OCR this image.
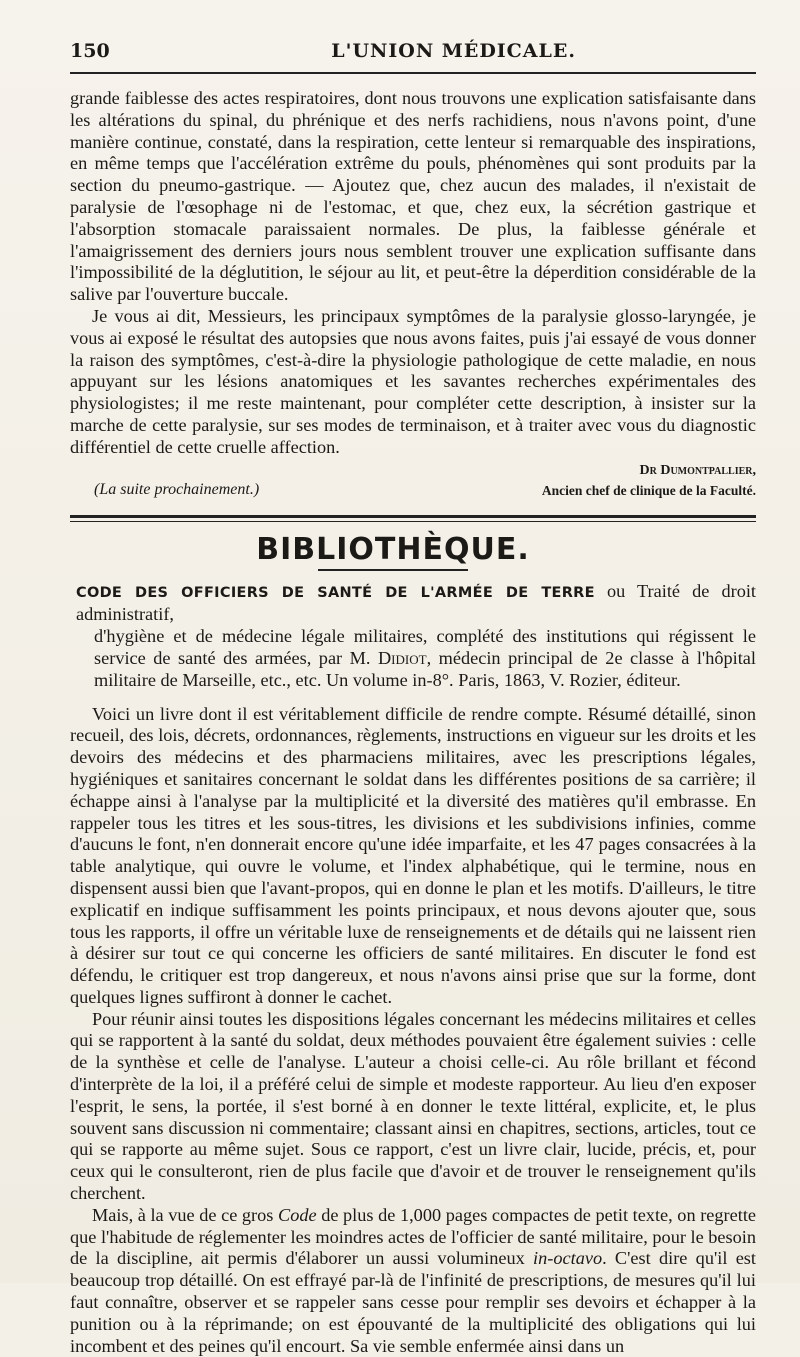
150	L'UNION MÉDICALE.

grande faiblesse des actes respiratoires, dont nous trouvons une explication satisfaisante dans les altérations du spinal, du phrénique et des nerfs rachidiens, nous n'avons point, d'une manière continue, constaté, dans la respiration, cette lenteur si remarquable des inspirations, en même temps que l'accélération extrême du pouls, phénomènes qui sont produits par la section du pneumo-gastrique. — Ajoutez que, chez aucun des malades, il n'existait de paralysie de l'œsophage ni de l'estomac, et que, chez eux, la sécrétion gastrique et l'absorption stomacale paraissaient normales. De plus, la faiblesse générale et l'amaigrissement des derniers jours nous semblent trouver une explication suffisante dans l'impossibilité de la déglutition, le séjour au lit, et peut-être la déperdition considérable de la salive par l'ouverture buccale.

Je vous ai dit, Messieurs, les principaux symptômes de la paralysie glosso-laryngée, je vous ai exposé le résultat des autopsies que nous avons faites, puis j'ai essayé de vous donner la raison des symptômes, c'est-à-dire la physiologie pathologique de cette maladie, en nous appuyant sur les lésions anatomiques et les savantes recherches expérimentales des physiologistes; il me reste maintenant, pour compléter cette description, à insister sur la marche de cette paralysie, sur ses modes de terminaison, et à traiter avec vous du diagnostic différentiel de cette cruelle affection.

(La suite prochainement.)
Dr Dumontpallier,
Ancien chef de clinique de la Faculté.
BIBLIOTHÈQUE.
CODE DES OFFICIERS DE SANTÉ DE L'ARMÉE DE TERRE ou Traité de droit administratif,
d'hygiène et de médecine légale militaires, complété des institutions qui régissent le service de santé des armées, par M. Didiot, médecin principal de 2e classe à l'hôpital militaire de Marseille, etc., etc. Un volume in-8°. Paris, 1863, V. Rozier, éditeur.

Voici un livre dont il est véritablement difficile de rendre compte. Résumé détaillé, sinon recueil, des lois, décrets, ordonnances, règlements, instructions en vigueur sur les droits et les devoirs des médecins et des pharmaciens militaires, avec les prescriptions légales, hygiéniques et sanitaires concernant le soldat dans les différentes positions de sa carrière; il échappe ainsi à l'analyse par la multiplicité et la diversité des matières qu'il embrasse. En rappeler tous les titres et les sous-titres, les divisions et les subdivisions infinies, comme d'aucuns le font, n'en donnerait encore qu'une idée imparfaite, et les 47 pages consacrées à la table analytique, qui ouvre le volume, et l'index alphabétique, qui le termine, nous en dispensent aussi bien que l'avant-propos, qui en donne le plan et les motifs. D'ailleurs, le titre explicatif en indique suffisamment les points principaux, et nous devons ajouter que, sous tous les rapports, il offre un véritable luxe de renseignements et de détails qui ne laissent rien à désirer sur tout ce qui concerne les officiers de santé militaires. En discuter le fond est défendu, le critiquer est trop dangereux, et nous n'avons ainsi prise que sur la forme, dont quelques lignes suffiront à donner le cachet.

Pour réunir ainsi toutes les dispositions légales concernant les médecins militaires et celles qui se rapportent à la santé du soldat, deux méthodes pouvaient être également suivies : celle de la synthèse et celle de l'analyse. L'auteur a choisi celle-ci. Au rôle brillant et fécond d'interprète de la loi, il a préféré celui de simple et modeste rapporteur. Au lieu d'en exposer l'esprit, le sens, la portée, il s'est borné à en donner le texte littéral, explicite, et, le plus souvent sans discussion ni commentaire; classant ainsi en chapitres, sections, articles, tout ce qui se rapporte au même sujet. Sous ce rapport, c'est un livre clair, lucide, précis, et, pour ceux qui le consulteront, rien de plus facile que d'avoir et de trouver le renseignement qu'ils cherchent.

Mais, à la vue de ce gros Code de plus de 1,000 pages compactes de petit texte, on regrette que l'habitude de réglementer les moindres actes de l'officier de santé militaire, pour le besoin de la discipline, ait permis d'élaborer un aussi volumineux in-octavo. C'est dire qu'il est beaucoup trop détaillé. On est effrayé par-là de l'infinité de prescriptions, de mesures qu'il lui faut connaître, observer et se rappeler sans cesse pour remplir ses devoirs et échapper à la punition ou à la réprimande; on est épouvanté de la multiplicité des obligations qui lui incombent et des peines qu'il encourt. Sa vie semble enfermée ainsi dans un
